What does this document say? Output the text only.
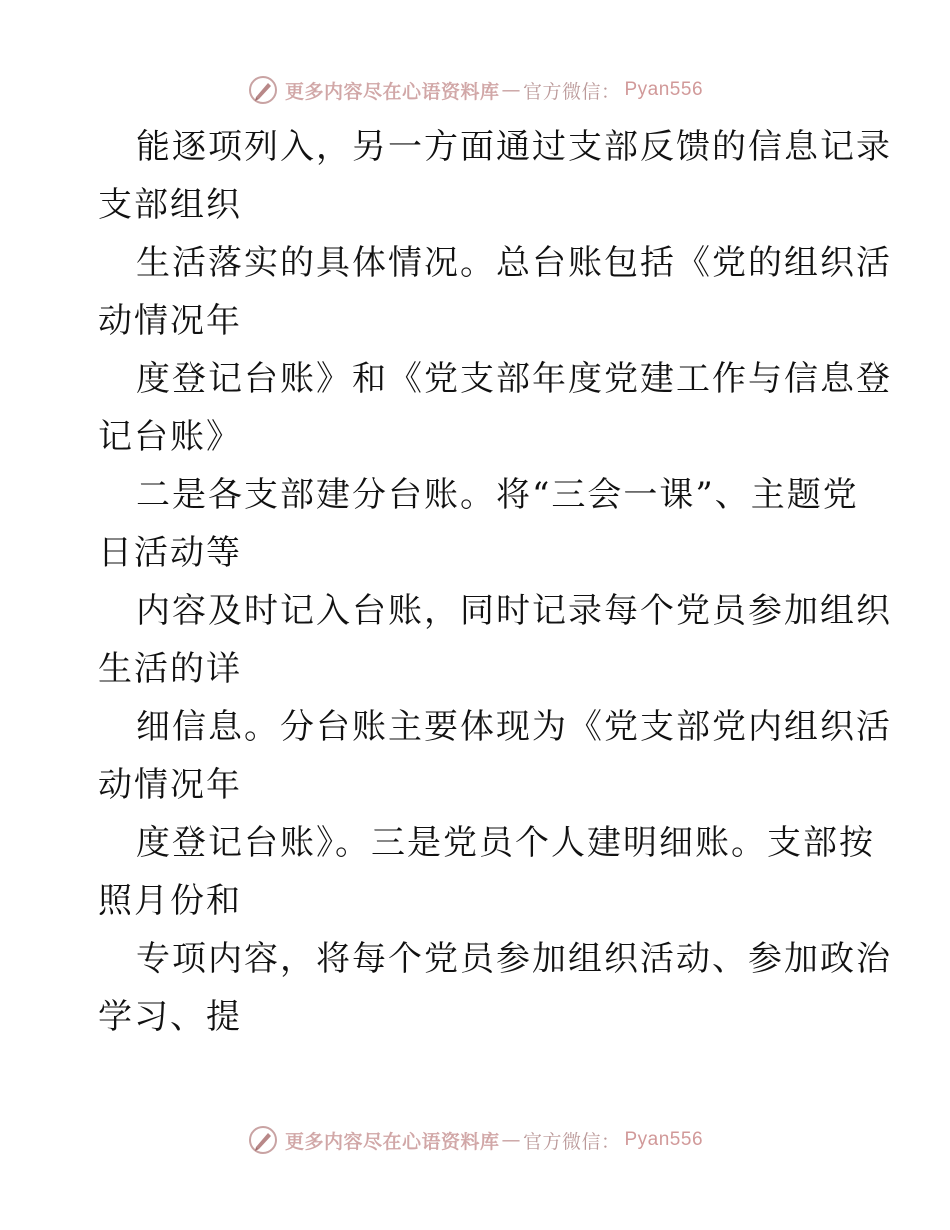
更多内容尽在心语资料库 — 官方微信： Pyan556
能逐项列入，另一方面通过支部反馈的信息记录
支部组织
生活落实的具体情况。总台账包括《党的组织活
动情况年
度登记台账》和《党支部年度党建工作与信息登
记台账》
二是各支部建分台账。将“三会一课”、主题党
日活动等
内容及时记入台账，同时记录每个党员参加组织
生活的详
细信息。分台账主要体现为《党支部党内组织活
动情况年
度登记台账》。三是党员个人建明细账。支部按
照月份和
专项内容，将每个党员参加组织活动、参加政治
学习、提
更多内容尽在心语资料库 — 官方微信： Pyan556
